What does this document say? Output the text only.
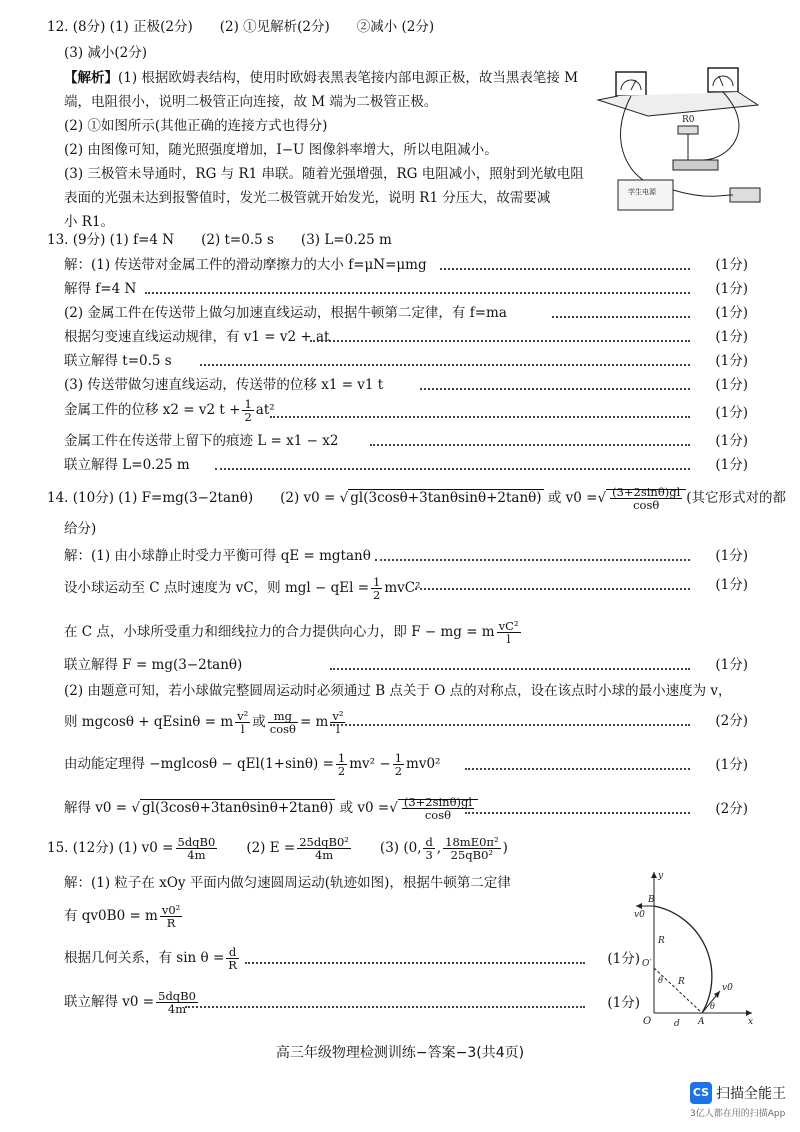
12. (8分) (1) 正极(2分)　　(2) ①见解析(2分)　　②减小 (2分)
(3) 减小(2分)
【解析】(1) 根据欧姆表结构，使用时欧姆表黑表笔接内部电源正极，故当黑表笔接 M
端，电阻很小，说明二极管正向连接，故 M 端为二极管正极。
(2) ①如图所示(其他正确的连接方式也得分)
(2) 由图像可知，随光照强度增加，I−U 图像斜率增大，所以电阻减小。
(3) 三极管未导通时，RG 与 R1 串联。随着光强增强，RG 电阻减小，照射到光敏电阻
表面的光强未达到报警值时，发光二极管就开始发光，说明 R1 分压大，故需要减
小 R1。
R0
学生电源
13. (9分) (1) f=4 N　　(2) t=0.5 s　　(3) L=0.25 m
解：(1) 传送带对金属工件的滑动摩擦力的大小 f=μN=μmg	(1分)
解得 f=4 N	(1分)
(2) 金属工件在传送带上做匀加速直线运动，根据牛顿第二定律，有 f=ma	(1分)
根据匀变速直线运动规律，有 v1 = v2 + at	(1分)
联立解得 t=0.5 s	(1分)
(3) 传送带做匀速直线运动，传送带的位移 x1 = v1 t	(1分)
金属工件的位移 x2 = v2 $t + \frac{1}{2} at^2$	(1分)
金属工件在传送带上留下的痕迹 L = x1 − x2	(1分)
联立解得 L=0.25 m	(1分)
14. (10分) (1) F=mg(3−2tanθ)　　(2) v0 = √ gl(3cosθ+3tanθsinθ+2tanθ) 或 v0 =√ $\frac{(3+2\sin\theta)gl}{\cos\theta}$ (其它形式对的都
给分)
解：(1) 由小球静止时受力平衡可得 qE = mgtanθ	(1分)
设小球运动至 C 点时速度为 vC，则 mgl − qEl = $\frac{1}{2} mvC^2$	(1分)
在 C 点，小球所受重力和细线拉力的合力提供向心力，即 F − mg = m $\frac{\text{vC²}}{l}$
联立解得 F = mg(3−2tanθ)	(1分)
(2) 由题意可知，若小球做完整圆周运动时必须通过 B 点关于 O 点的对称点，设在该点时小球的最小速度为 v，
则 mgcosθ + qEsinθ = m $\frac{\text{v²}}{l}$ 或 $\frac{mg}{\cos\theta} = m \frac{\text{v²}}{l}$	(2分)
由动能定理得 $-mglcos\theta - qEl(1+\sin\theta) = \frac{1}{2} mv^2 - \frac{1}{2} mv0^2$	(1分)
解得 v0 = √ gl(3cosθ+3tanθsinθ+2tanθ) 或 v0 =√ $\frac{(3+2\sin\theta)gl}{\cos\theta}$	(2分)
15. (12分) (1) $v0 = \frac{\text{5dqB0}}{4m}$
　　 (2) $E = \frac{\text{25dqB0²}}{4m}$
　　 (3) (0, $\frac{d}{3}$ , $\frac{\text{18mE0π²}}{\text{25qB0²}}$ )
解：(1) 粒子在 xOy 平面内做匀速圆周运动(轨迹如图)，根据牛顿第二定律
有 qv0B0 = m $\frac{\text{v0²}}{R}$
根据几何关系，有 $\sin \theta = \frac{d}{R}$	(1分)
联立解得 $v0 = \frac{\text{5dqB0}}{4m}$	(1分)
y
x
O
v0
B
R
O′
R
θ
d A
v0
θ
高三年级物理检测训练−答案−3(共4页)
CS 扫描全能王
3亿人都在用的扫描App
